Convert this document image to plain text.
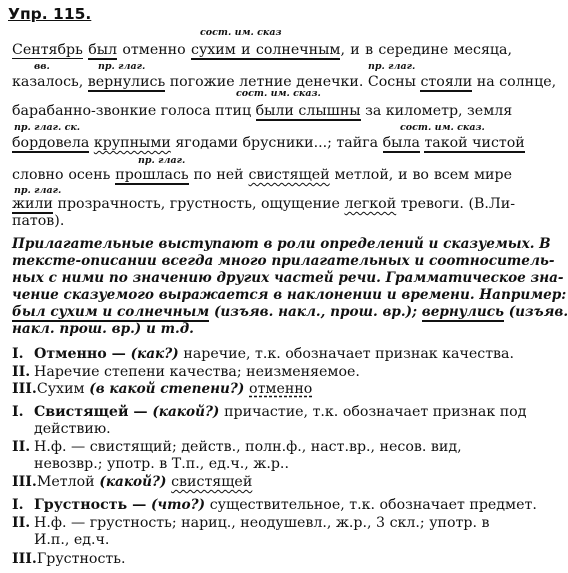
Упр. 115.
сост. им. сказ
вв.	пр. глаг.	пр. глаг.
сост. им. сказ.
пр. глаг. ск.	сост. им. сказ.
пр. глаг.
пр. глаг.
Сентябрь был отменно сухим и солнечным, и в середине месяца,
казалось, вернулись погожие летние денечки. Сосны стояли на солнце,
барабанно-звонкие голоса птиц были слышны за километр, земля
бордовела крупными ягодами брусники...; тайга была такой чистой
словно осень прошлась по ней свистящей метлой, и во всем мире
жили прозрачность, грустность, ощущение легкой тревоги. (В.Ли-
патов).
Прилагательные выступают в роли определений и сказуемых. В
тексте-описании всегда много прилагательных и соотноситель-
ных с ними по значению других частей речи. Грамматическое зна-
чение сказуемого выражается в наклонении и времени. Например:
был сухим и солнечным (изъяв. накл., прош. вр.); вернулись (изъяв.
накл. прош. вр.) и т.д.
I. Отменно — (как?) наречие, т.к. обозначает признак качества.
II. Наречие степени качества; неизменяемое.
III.Сухим (в какой степени?) отменно
I. Свистящей — (какой?) причастие, т.к. обозначает признак под
действию.
II. Н.ф. — свистящий; действ., полн.ф., наст.вр., несов. вид,
невозвр.; употр. в Т.п., ед.ч., ж.р..
III.Метлой (какой?) свистящей
I. Грустность — (что?) существительное, т.к. обозначает предмет.
II. Н.ф. — грустность; нариц., неодушевл., ж.р., 3 скл.; употр. в
И.п., ед.ч.
III.Грустность.
